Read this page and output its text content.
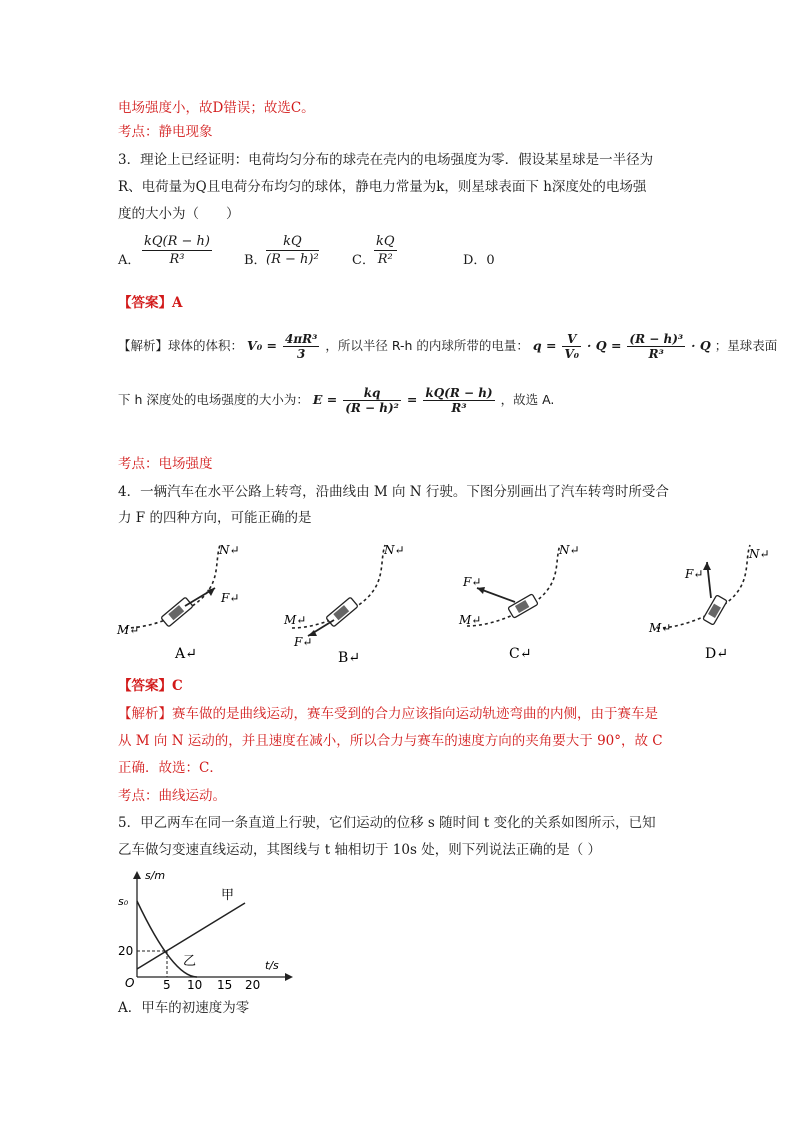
电场强度小，故D错误；故选C。
考点：静电现象
3．理论上已经证明：电荷均匀分布的球壳在壳内的电场强度为零．假设某星球是一半径为
R、电荷量为Q且电荷分布均匀的球体，静电力常量为k，则星球表面下 h深度处的电场强
度的大小为（　　）
A． $\frac{kQ(R - h)}{\text{R³}}$ B． $\frac{kQ}{\text{(R − h)²}}$	C． $\frac{kQ}{\text{R²}}$	D．0
【答案】A
【解析】球体的体积： $V_0 = \frac{\text{4πR³}}{3}$ ，所以半径 R-h 的内球所带的电量： $q = \frac{V}{\text{V₀}} \cdot Q = \frac{\text{(R − h)³}}{\text{R³}} \cdot Q$ ；星球表面
下 h 深度处的电场强度的大小为： $E = \frac{kq}{\text{(R − h)²}} = \frac{kQ(R - h)}{\text{R³}}$ ，故选 A.
考点：电场强度
4．一辆汽车在水平公路上转弯，沿曲线由 M 向 N 行驶。下图分别画出了汽车转弯时所受合
力 F 的四种方向，可能正确的是
F↵
M↵
N↵
A↵
F↵
M↵
N↵
B↵
F↵
M↵
N↵
C↵
F↵
M↵
N↵
D↵
【答案】C
【解析】赛车做的是曲线运动，赛车受到的合力应该指向运动轨迹弯曲的内侧，由于赛车是
从 M 向 N 运动的，并且速度在减小，所以合力与赛车的速度方向的夹角要大于 90°，故 C
正确．故选：C．
考点：曲线运动。
5．甲乙两车在同一条直道上行驶，它们运动的位移 s 随时间 t 变化的关系如图所示，已知
乙车做匀变速直线运动，其图线与 t 轴相切于 10s 处，则下列说法正确的是（ ）
s/m
t/s
s₀
20
O 5 10 15 20
甲
乙
A．甲车的初速度为零
